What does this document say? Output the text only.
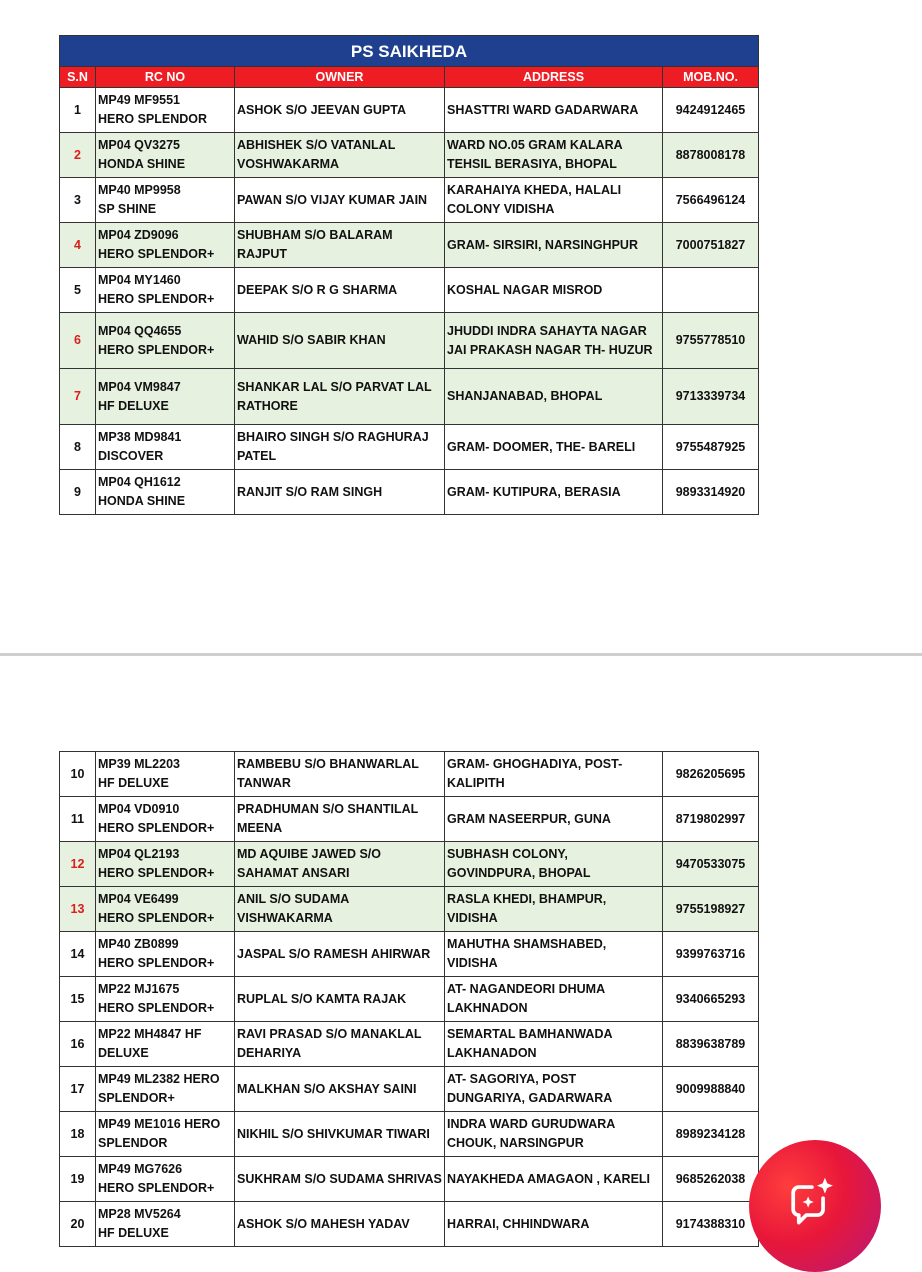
PS SAIKHEDA				
S.N	RC NO	OWNER	ADDRESS	MOB.NO.
1	MP49 MF9551
HERO SPLENDOR	ASHOK S/O JEEVAN GUPTA	SHASTTRI WARD GADARWARA	9424912465
2	MP04 QV3275
HONDA SHINE	ABHISHEK S/O VATANLAL
VOSHWAKARMA	WARD NO.05 GRAM KALARA
TEHSIL BERASIYA, BHOPAL	8878008178
3	MP40 MP9958
SP SHINE	PAWAN S/O VIJAY KUMAR JAIN	KARAHAIYA KHEDA, HALALI
COLONY VIDISHA	7566496124
4	MP04 ZD9096
HERO SPLENDOR+	SHUBHAM S/O BALARAM
RAJPUT	GRAM- SIRSIRI, NARSINGHPUR	7000751827
5	MP04 MY1460
HERO SPLENDOR+	DEEPAK S/O R G SHARMA	KOSHAL NAGAR MISROD	
6	MP04 QQ4655
HERO SPLENDOR+	WAHID S/O SABIR KHAN	JHUDDI INDRA SAHAYTA NAGAR
JAI PRAKASH NAGAR TH- HUZUR	9755778510
7	MP04 VM9847
HF DELUXE	SHANKAR LAL S/O PARVAT LAL
RATHORE	SHANJANABAD, BHOPAL	9713339734
8	MP38 MD9841
DISCOVER	BHAIRO SINGH S/O RAGHURAJ
PATEL	GRAM- DOOMER, THE- BARELI	9755487925
9	MP04 QH1612
HONDA SHINE	RANJIT S/O RAM SINGH	GRAM- KUTIPURA, BERASIA	9893314920
10	MP39 ML2203
HF DELUXE	RAMBEBU S/O BHANWARLAL
TANWAR	GRAM- GHOGHADIYA, POST-
KALIPITH	9826205695
11	MP04 VD0910
HERO SPLENDOR+	PRADHUMAN S/O SHANTILAL
MEENA	GRAM NASEERPUR, GUNA	8719802997
12	MP04 QL2193
HERO SPLENDOR+	MD AQUIBE JAWED S/O
SAHAMAT ANSARI	SUBHASH COLONY,
GOVINDPURA, BHOPAL	9470533075
13	MP04 VE6499
HERO SPLENDOR+	ANIL S/O SUDAMA
VISHWAKARMA	RASLA KHEDI, BHAMPUR, VIDISHA	9755198927
14	MP40 ZB0899
HERO SPLENDOR+	JASPAL S/O RAMESH AHIRWAR	MAHUTHA SHAMSHABED, VIDISHA	9399763716
15	MP22 MJ1675
HERO SPLENDOR+	RUPLAL S/O KAMTA RAJAK	AT- NAGANDEORI DHUMA
LAKHNADON	9340665293
16	MP22 MH4847 HF
DELUXE	RAVI PRASAD S/O MANAKLAL
DEHARIYA	SEMARTAL BAMHANWADA
LAKHANADON	8839638789
17	MP49 ML2382 HERO
SPLENDOR+	MALKHAN S/O AKSHAY SAINI	AT- SAGORIYA, POST
DUNGARIYA, GADARWARA	9009988840
18	MP49 ME1016 HERO
SPLENDOR	NIKHIL S/O SHIVKUMAR TIWARI	INDRA WARD GURUDWARA
CHOUK, NARSINGPUR	8989234128
19	MP49 MG7626
HERO SPLENDOR+	SUKHRAM S/O SUDAMA SHRIVAS	NAYAKHEDA AMAGAON , KARELI	9685262038
20	MP28 MV5264
HF DELUXE	ASHOK S/O MAHESH YADAV	HARRAI, CHHINDWARA	9174388310
